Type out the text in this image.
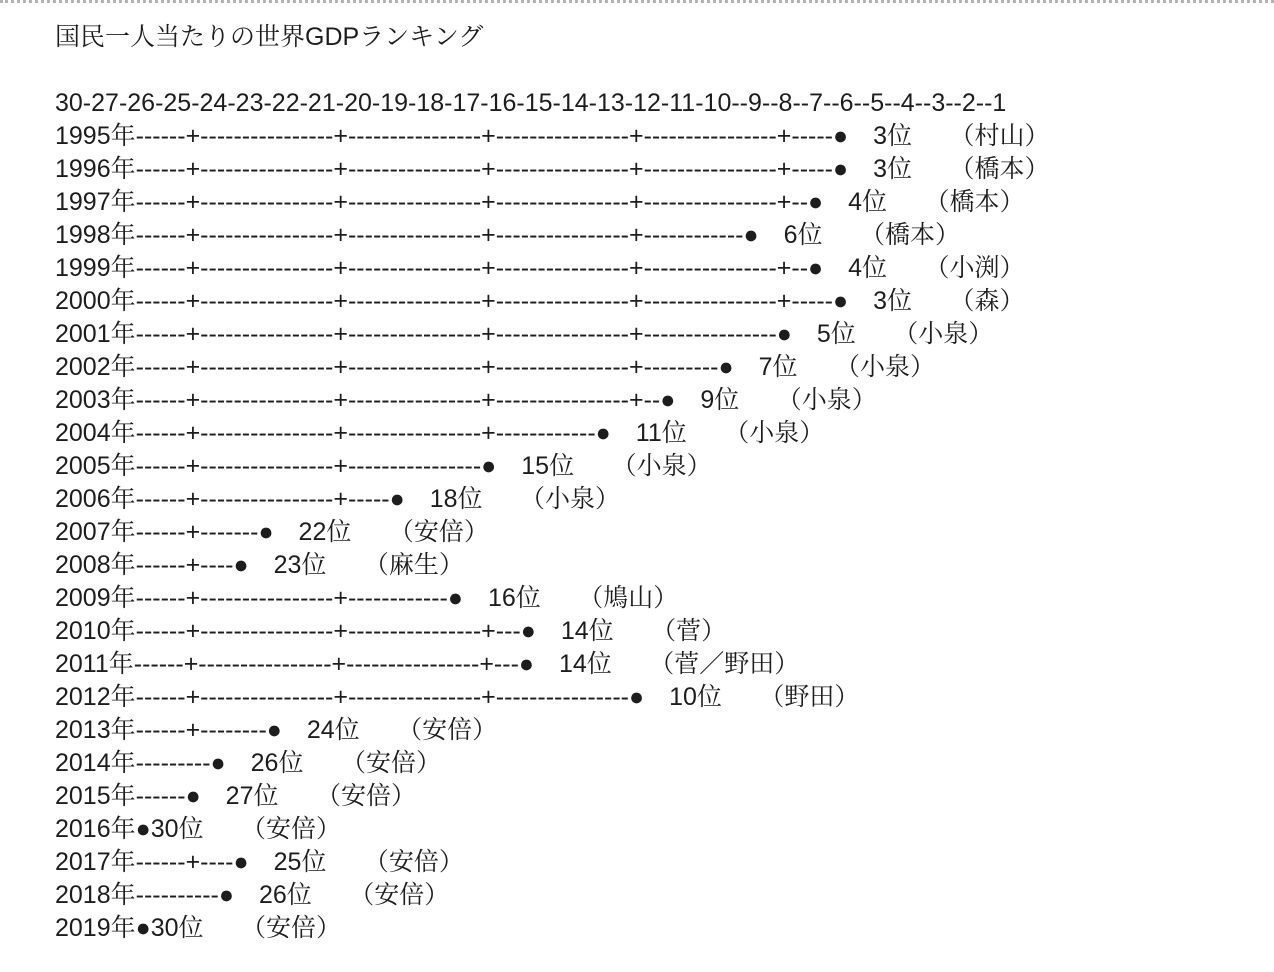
国民一人当たりの世界GDPランキング
30-27-26-25-24-23-22-21-20-19-18-17-16-15-14-13-12-11-10--9--8--7--6--5--4--3--2--1
1995年------+----------------+----------------+----------------+----------------+-----●　3位　　（村山）
1996年------+----------------+----------------+----------------+----------------+-----●　3位　　（橋本）
1997年------+----------------+----------------+----------------+----------------+--●　4位　　（橋本）
1998年------+----------------+----------------+----------------+------------●　6位　　（橋本）
1999年------+----------------+----------------+----------------+----------------+--●　4位　　（小渕）
2000年------+----------------+----------------+----------------+----------------+-----●　3位　　（森）
2001年------+----------------+----------------+----------------+----------------●　5位　　（小泉）
2002年------+----------------+----------------+----------------+---------●　7位　　（小泉）
2003年------+----------------+----------------+----------------+--●　9位　　（小泉）
2004年------+----------------+----------------+------------●　11位　　（小泉）
2005年------+----------------+----------------●　15位　　（小泉）
2006年------+----------------+-----●　18位　　（小泉）
2007年------+-------●　22位　　（安倍）
2008年------+----●　23位　　（麻生）
2009年------+----------------+------------●　16位　　（鳩山）
2010年------+----------------+----------------+---●　14位　　（菅）
2011年------+----------------+----------------+---●　14位　　（菅／野田）
2012年------+----------------+----------------+----------------●　10位　　（野田）
2013年------+--------●　24位　　（安倍）
2014年---------●　26位　　（安倍）
2015年------●　27位　　（安倍）
2016年●30位　　（安倍）
2017年------+----●　25位　　（安倍）
2018年----------●　26位　　（安倍）
2019年●30位　　（安倍）
